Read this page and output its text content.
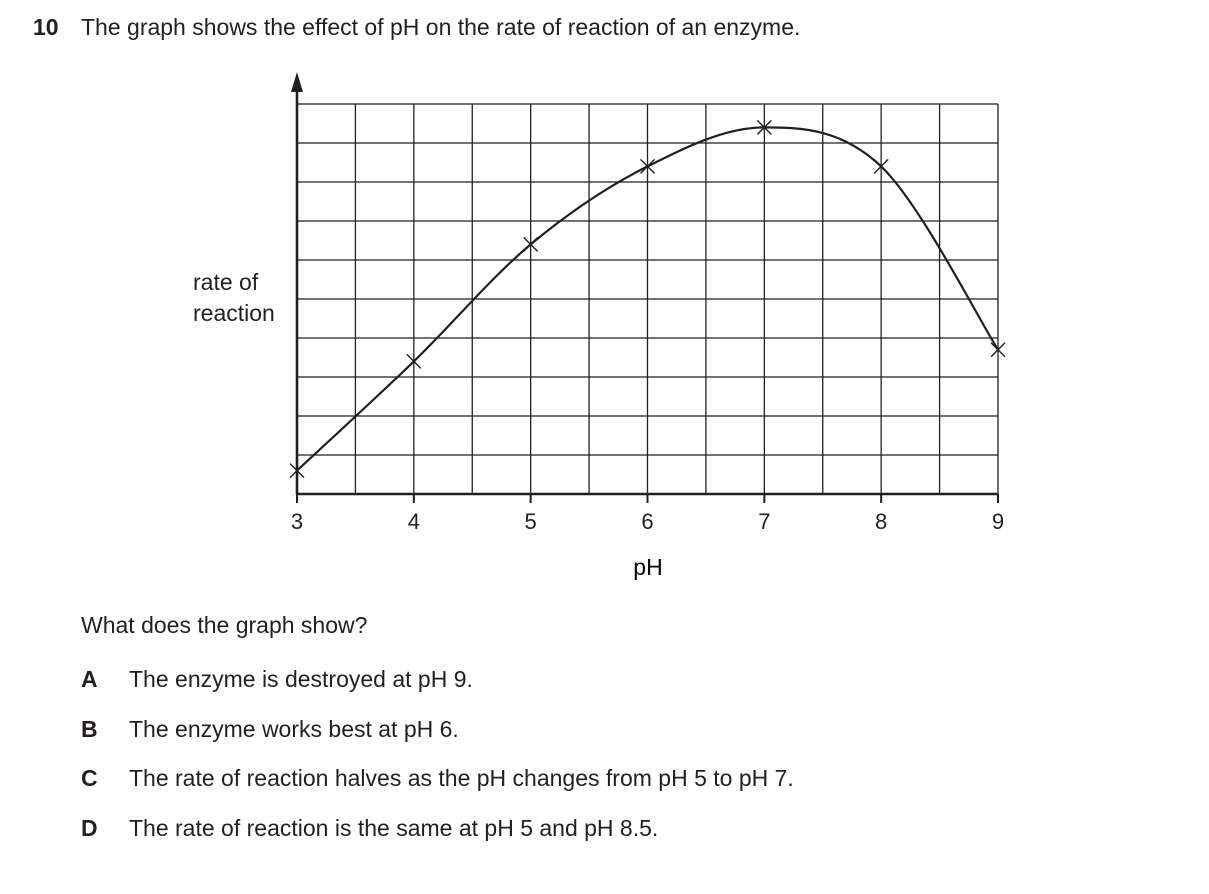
10 The graph shows the effect of pH on the rate of reaction of an enzyme.
rate of
reaction
3	4	5	6	7	8	9
pH
What does the graph show?
A	The enzyme is destroyed at pH 9.
B	The enzyme works best at pH 6.
C	The rate of reaction halves as the pH changes from pH 5 to pH 7.
D	The rate of reaction is the same at pH 5 and pH 8.5.
